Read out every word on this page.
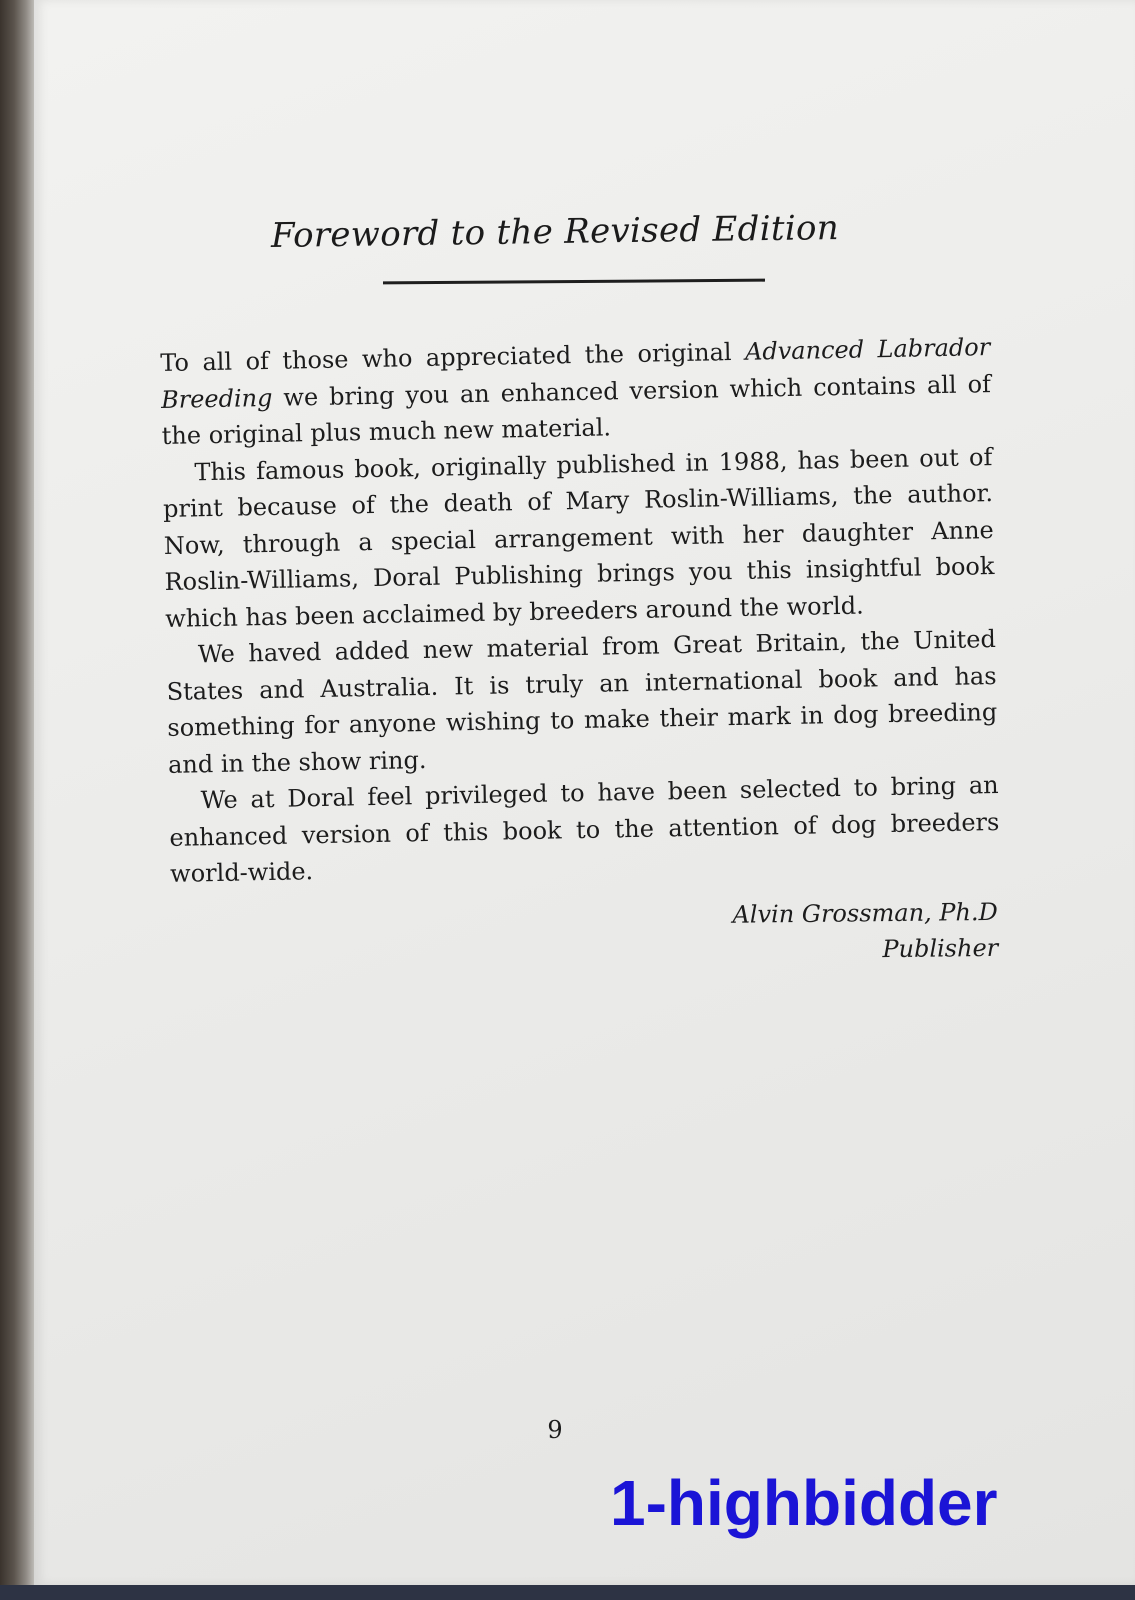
Foreword to the Revised Edition

To all of those who appreciated the original Advanced Labrador Breeding we bring you an enhanced version which contains all of the original plus much new material.

This famous book, originally published in 1988, has been out of print because of the death of Mary Roslin-Williams, the author. Now, through a special arrangement with her daughter Anne Roslin-Williams, Doral Publishing brings you this insightful book which has been acclaimed by breeders around the world.

We haved added new material from Great Britain, the United States and Australia. It is truly an international book and has something for anyone wishing to make their mark in dog breeding and in the show ring.

We at Doral feel privileged to have been selected to bring an enhanced version of this book to the attention of dog breeders world-wide.

Alvin Grossman, Ph.D
Publisher
9
1-highbidder
